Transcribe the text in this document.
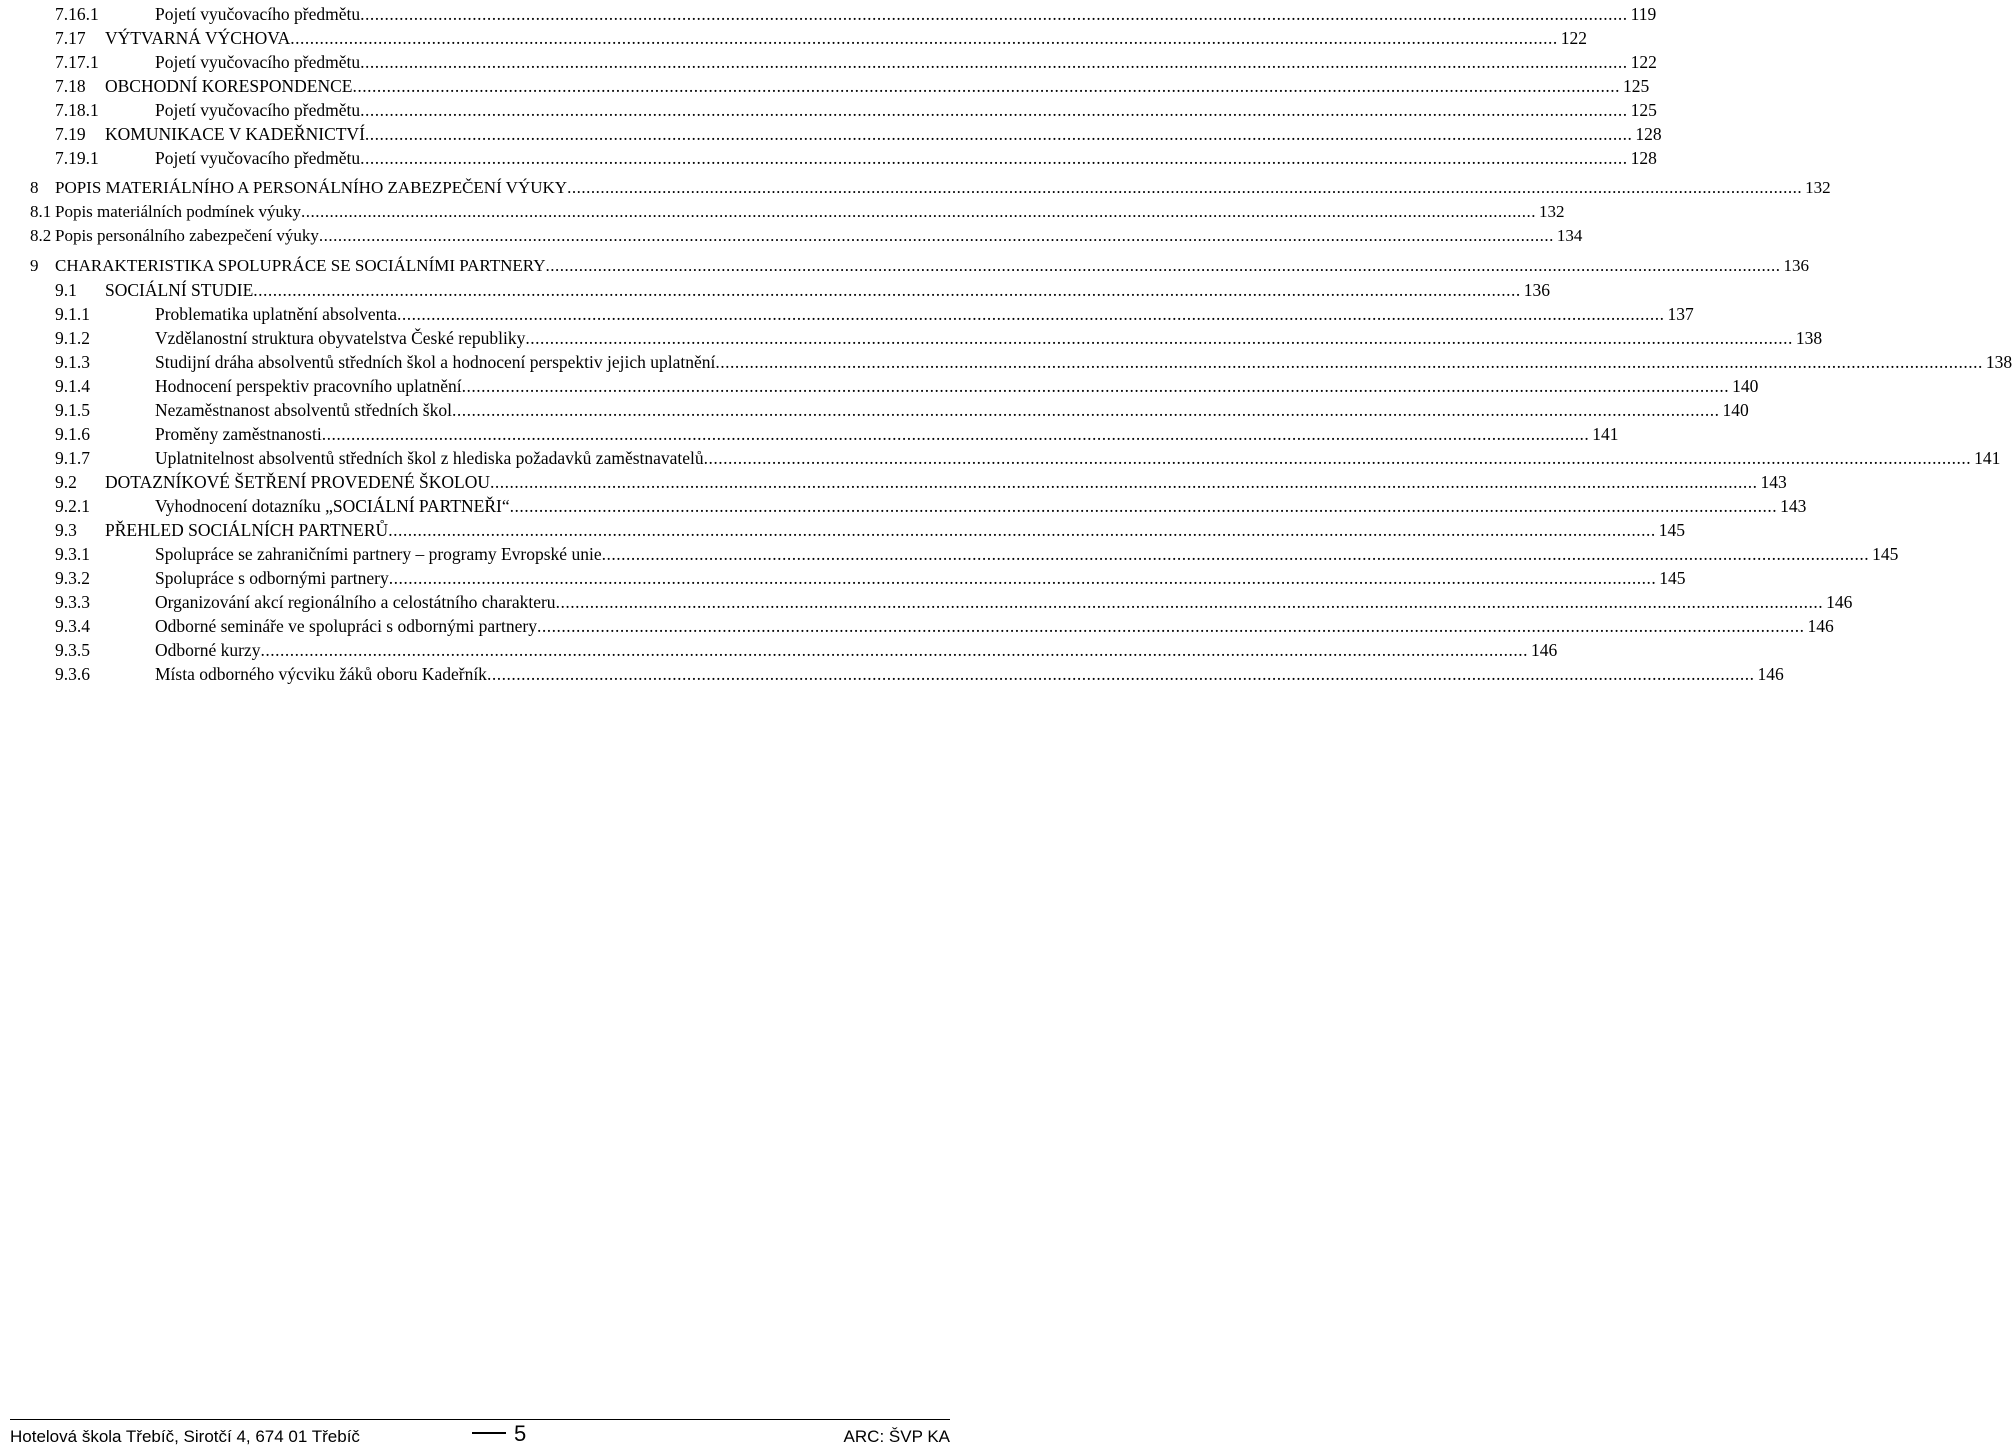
7.16.1	Pojetí vyučovacího předmětu .................................................................................................................................................................................................................................................................... 119
7.17 VÝTVARNÁ VÝCHOVA .................................................................................................................................................................................................................................................................... 122
7.17.1	Pojetí vyučovacího předmětu .................................................................................................................................................................................................................................................................... 122
7.18 OBCHODNÍ KORESPONDENCE .................................................................................................................................................................................................................................................................... 125
7.18.1	Pojetí vyučovacího předmětu .................................................................................................................................................................................................................................................................... 125
7.19 KOMUNIKACE V KADEŘNICTVÍ .................................................................................................................................................................................................................................................................... 128
7.19.1	Pojetí vyučovacího předmětu .................................................................................................................................................................................................................................................................... 128
8 POPIS MATERIÁLNÍHO A PERSONÁLNÍHO ZABEZPEČENÍ VÝUKY .................................................................................................................................................................................................................................................................... 132
8.1 Popis materiálních podmínek výuky .................................................................................................................................................................................................................................................................... 132
8.2 Popis personálního zabezpečení výuky .................................................................................................................................................................................................................................................................... 134
9 CHARAKTERISTIKA SPOLUPRÁCE SE SOCIÁLNÍMI PARTNERY .................................................................................................................................................................................................................................................................... 136
9.1 SOCIÁLNÍ STUDIE .................................................................................................................................................................................................................................................................... 136
9.1.1	Problematika uplatnění absolventa .................................................................................................................................................................................................................................................................... 137
9.1.2	Vzdělanostní struktura obyvatelstva České republiky .................................................................................................................................................................................................................................................................... 138
9.1.3	Studijní dráha absolventů středních škol a hodnocení perspektiv jejich uplatnění .................................................................................................................................................................................................................................................................... 138
9.1.4	Hodnocení perspektiv pracovního uplatnění .................................................................................................................................................................................................................................................................... 140
9.1.5	Nezaměstnanost absolventů středních škol .................................................................................................................................................................................................................................................................... 140
9.1.6	Proměny zaměstnanosti .................................................................................................................................................................................................................................................................... 141
9.1.7	Uplatnitelnost absolventů středních škol z hlediska požadavků zaměstnavatelů .................................................................................................................................................................................................................................................................... 141
9.2 DOTAZNÍKOVÉ ŠETŘENÍ PROVEDENÉ ŠKOLOU .................................................................................................................................................................................................................................................................... 143
9.2.1	Vyhodnocení dotazníku „SOCIÁLNÍ PARTNEŘI“ .................................................................................................................................................................................................................................................................... 143
9.3 PŘEHLED SOCIÁLNÍCH PARTNERŮ .................................................................................................................................................................................................................................................................... 145
9.3.1	Spolupráce se zahraničními partnery – programy Evropské unie .................................................................................................................................................................................................................................................................... 145
9.3.2	Spolupráce s odbornými partnery .................................................................................................................................................................................................................................................................... 145
9.3.3	Organizování akcí regionálního a celostátního charakteru .................................................................................................................................................................................................................................................................... 146
9.3.4	Odborné semináře ve spolupráci s odbornými partnery .................................................................................................................................................................................................................................................................... 146
9.3.5	Odborné kurzy .................................................................................................................................................................................................................................................................... 146
9.3.6	Místa odborného výcviku žáků oboru Kadeřník .................................................................................................................................................................................................................................................................... 146
Hotelová škola Třebíč, Sirotčí 4, 674 01 Třebíč	5	ARC: ŠVP KA
